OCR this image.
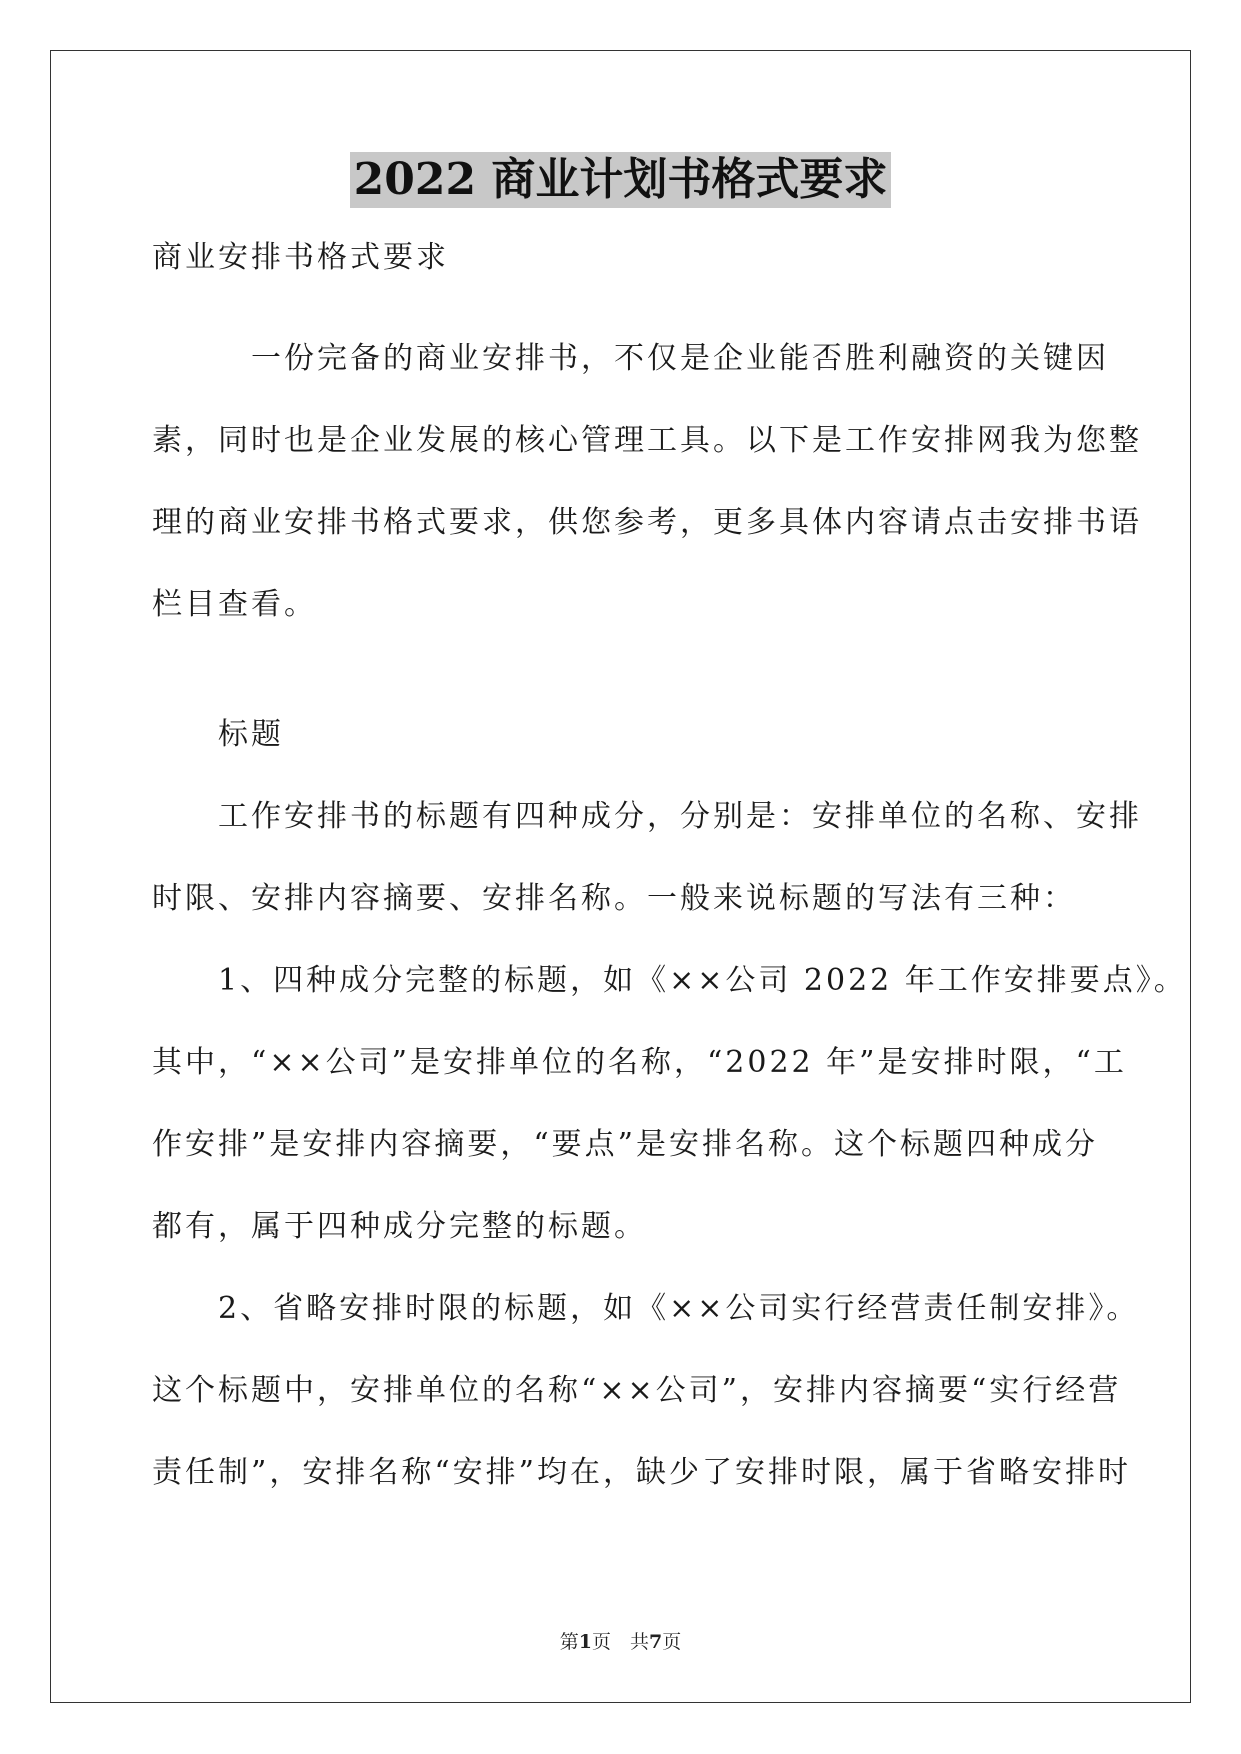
2022 商业计划书格式要求
商业安排书格式要求
　　　一份完备的商业安排书，不仅是企业能否胜利融资的关键因
素，同时也是企业发展的核心管理工具。以下是工作安排网我为您整
理的商业安排书格式要求，供您参考，更多具体内容请点击安排书语
栏目查看。
　　标题
　　工作安排书的标题有四种成分，分别是：安排单位的名称、安排
时限、安排内容摘要、安排名称。一般来说标题的写法有三种：
　　1、四种成分完整的标题，如《××公司 2022 年工作安排要点》。
其中，“××公司”是安排单位的名称，“2022 年”是安排时限，“工
作安排”是安排内容摘要，“要点”是安排名称。这个标题四种成分
都有，属于四种成分完整的标题。
　　2、省略安排时限的标题，如《××公司实行经营责任制安排》。
这个标题中，安排单位的名称“××公司”，安排内容摘要“实行经营
责任制”，安排名称“安排”均在，缺少了安排时限，属于省略安排时
第1页　共7页
